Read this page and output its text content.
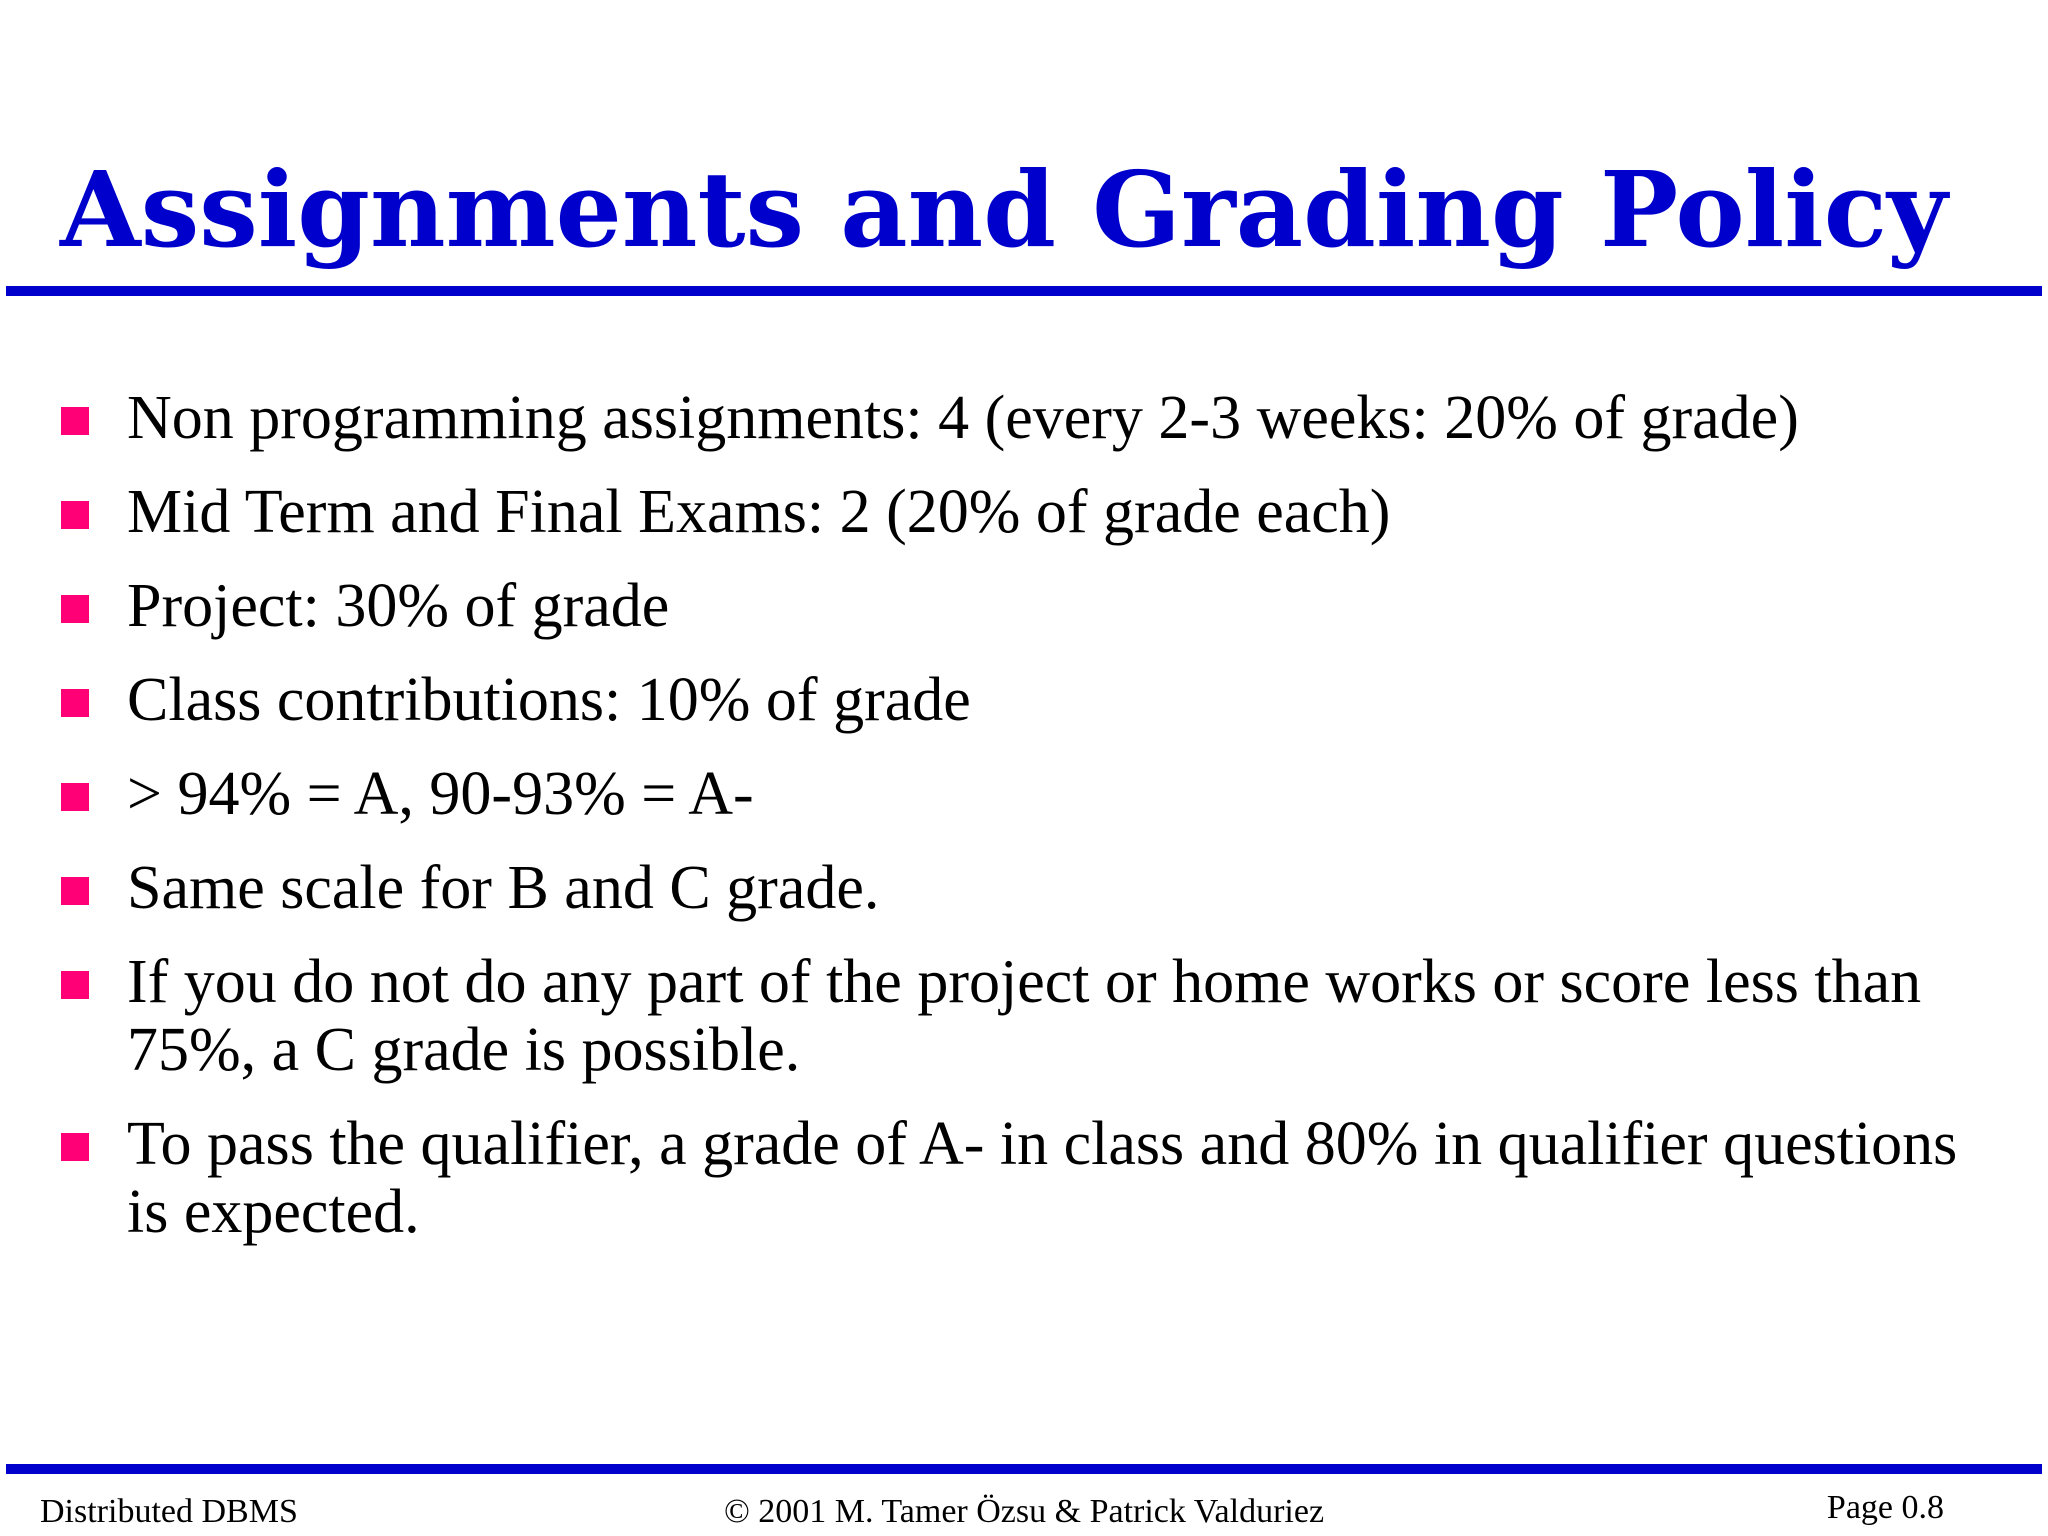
Assignments and Grading Policy
Non programming assignments: 4 (every 2-3 weeks: 20% of grade)
Mid Term and Final Exams: 2 (20% of grade each)
Project: 30% of grade
Class contributions: 10% of grade
> 94% = A, 90-93% = A-
Same scale for B and C grade.
If you do not do any part of the project or home works or score less than 75%, a C grade is possible.
To pass the qualifier, a grade of A- in class and 80% in qualifier questions is expected.
Distributed DBMS	© 2001 M. Tamer Özsu & Patrick Valduriez	Page 0.8
